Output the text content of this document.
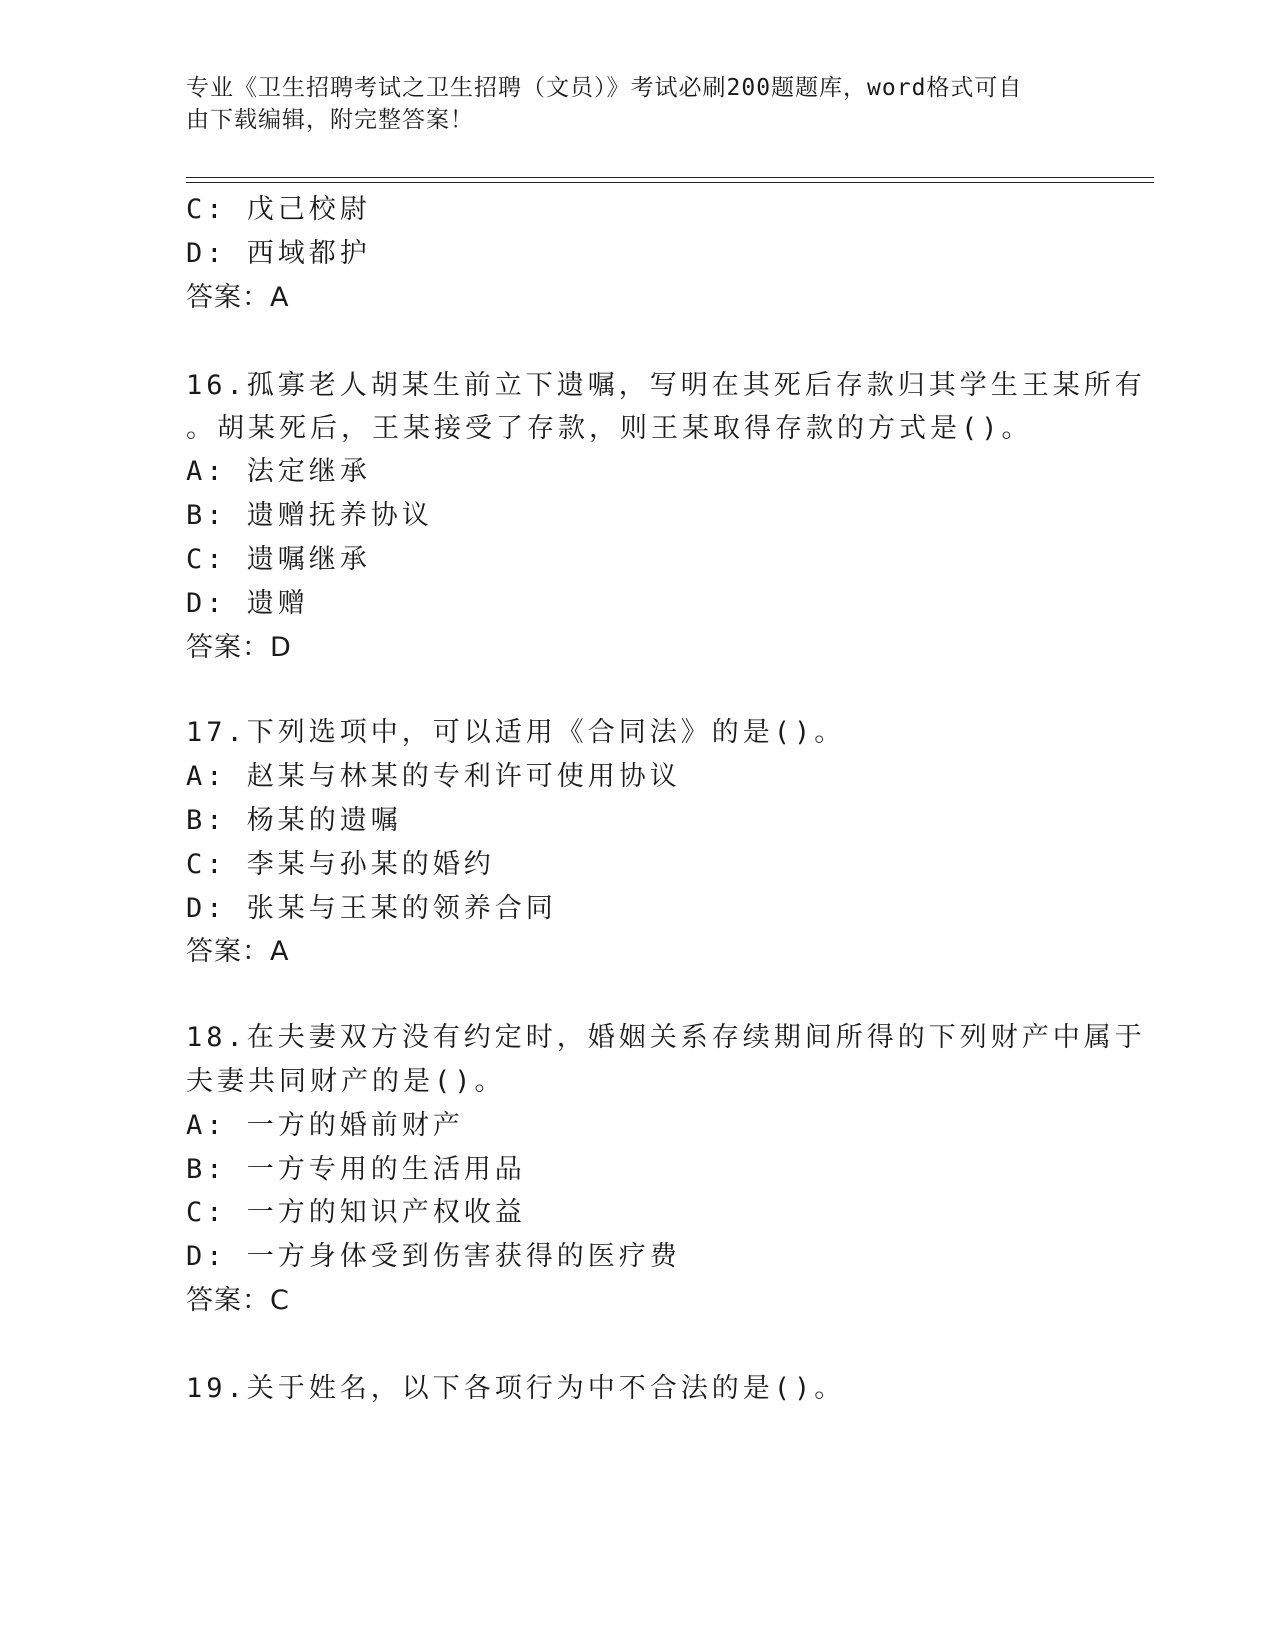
专业《卫生招聘考试之卫生招聘（文员）》考试必刷200题题库，word格式可自
由下载编辑，附完整答案！
C: 戊己校尉
D: 西域都护
答案：A
16.孤寡老人胡某生前立下遗嘱，写明在其死后存款归其学生王某所有
。胡某死后，王某接受了存款，则王某取得存款的方式是()。
A: 法定继承
B: 遗赠抚养协议
C: 遗嘱继承
D: 遗赠
答案：D
17.下列选项中，可以适用《合同法》的是()。
A: 赵某与林某的专利许可使用协议
B: 杨某的遗嘱
C: 李某与孙某的婚约
D: 张某与王某的领养合同
答案：A
18.在夫妻双方没有约定时，婚姻关系存续期间所得的下列财产中属于
夫妻共同财产的是()。
A: 一方的婚前财产
B: 一方专用的生活用品
C: 一方的知识产权收益
D: 一方身体受到伤害获得的医疗费
答案：C
19.关于姓名，以下各项行为中不合法的是()。
